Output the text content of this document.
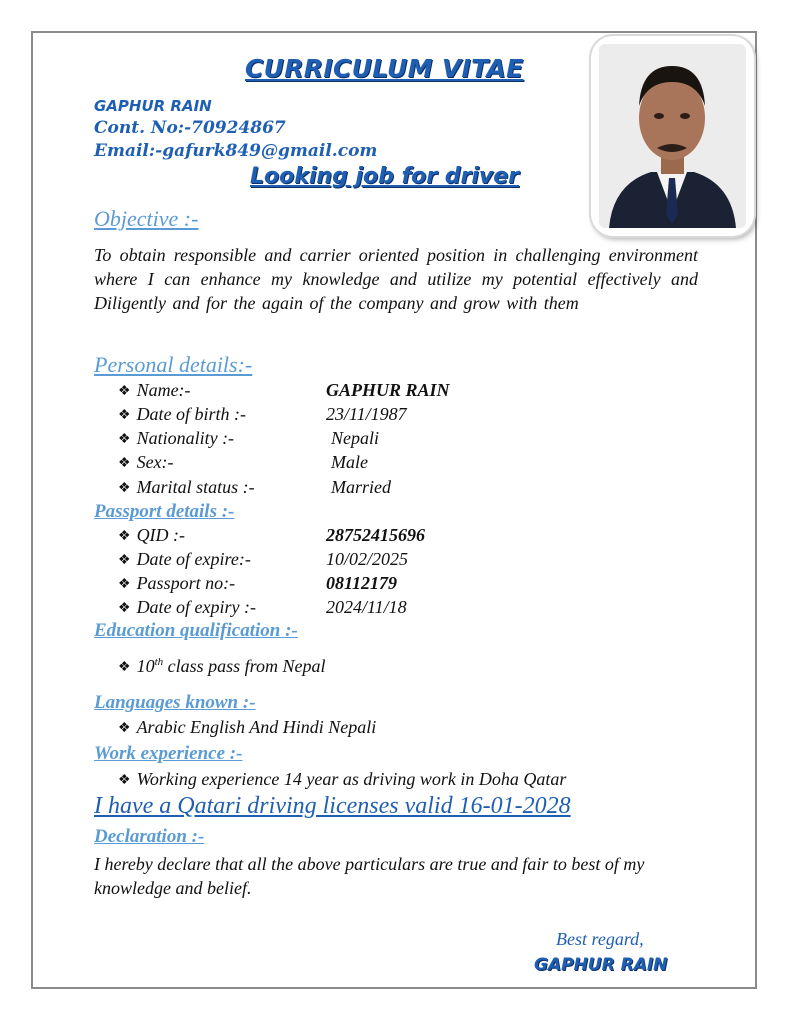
CURRICULUM VITAE
GAPHUR RAIN
Cont. No:-70924867
Email:-gafurk849@gmail.com
Looking job for driver
Objective :-
To obtain responsible and carrier oriented position in challenging environment where I can enhance my knowledge and utilize my potential effectively and Diligently and for the again of the company and grow with them
Personal details:-
❖ Name:-	GAPHUR RAIN
❖ Date of birth :-	23/11/1987
❖ Nationality :-	Nepali
❖ Sex:-	Male
❖ Marital status :-	Married
Passport details :-
❖ QID :-	28752415696
❖ Date of expire:-	10/02/2025
❖ Passport no:-	08112179
❖ Date of expiry :-	2024/11/18
Education qualification :-
❖ 10th class pass from Nepal
Languages known :-
❖ Arabic English And Hindi Nepali
Work experience :-
❖ Working experience 14 year as driving work in Doha Qatar
I have a Qatari driving licenses valid 16-01-2028
Declaration :-
I hereby declare that all the above particulars are true and fair to best of my knowledge and belief.
Best regard,
GAPHUR RAIN
